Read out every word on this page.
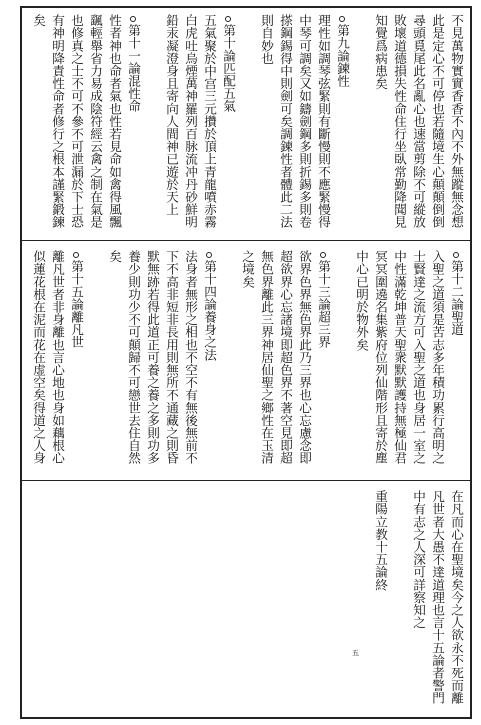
不見萬物實實香香不內不外無蹤無念想
此是定心不可停也若隨境生心顛顛倒倒
尋頭覓尾此名亂心也速當剪除不可縱放
敗壞道德損失性命住行坐臥常勤降聞見
知覺爲病患矣
第九論鍊性
理性如調琴弦緊則有斷慢則不應緊慢得
中琴可調矣又如鑄劍鋼多則折錫多則卷
搽鋼錫得中則劍可矣調鍊性者體此二法
則自妙也
第十論匹配五氣
五氣聚於中宫三元攢於頂上青龍噴赤霧
白虎吐烏煙萬神羅列百脉流冲丹砂鮮明
鉛汞凝澄身且寄向人間神已遊於天上
第十一論混性命
性者神也命者氣也性若見命如禽得風飄
颻輕舉省力易成陰符經云禽之制在氣是
也修真之士不可不參不可泄漏於下士恐
有神明降責性命者修行之根本謹緊鍛鍊
矣
第十二論聖道
入聖之道須是苦志多年積功累行高明之
士賢達之流方可入聖之道也身居一室之
中性滿乾坤普天聖衆默默護持無極仙君
冥冥圍遶名集紫府位列仙階形且寄於塵
中心已明於物外矣
第十三論超三界
欲界色界無色界此乃三界也心忘慮念即
超欲界心忘諸境即超色界不著空見即超
無色界離此三界神居仙聖之鄉性在玉清
之境矣
第十四論養身之法
法身者無形之相也不空不有無後無前不
下不高非短非長用則無所不通藏之則昏
默無跡若得此道正可養之養之多則功多
養少則功少不可顛歸不可戀世去住自然
矣
第十五論離凡世
離凡世者非身離也言心地也身如藕根心
似蓮花根在泥而花在虚空矣得道之人身
在凡而心在聖境矣今之人欲永不死而離
凡世者大愚不達道理也言十五論者警門
中有志之人深可詳察知之
重陽立教十五論終
五
